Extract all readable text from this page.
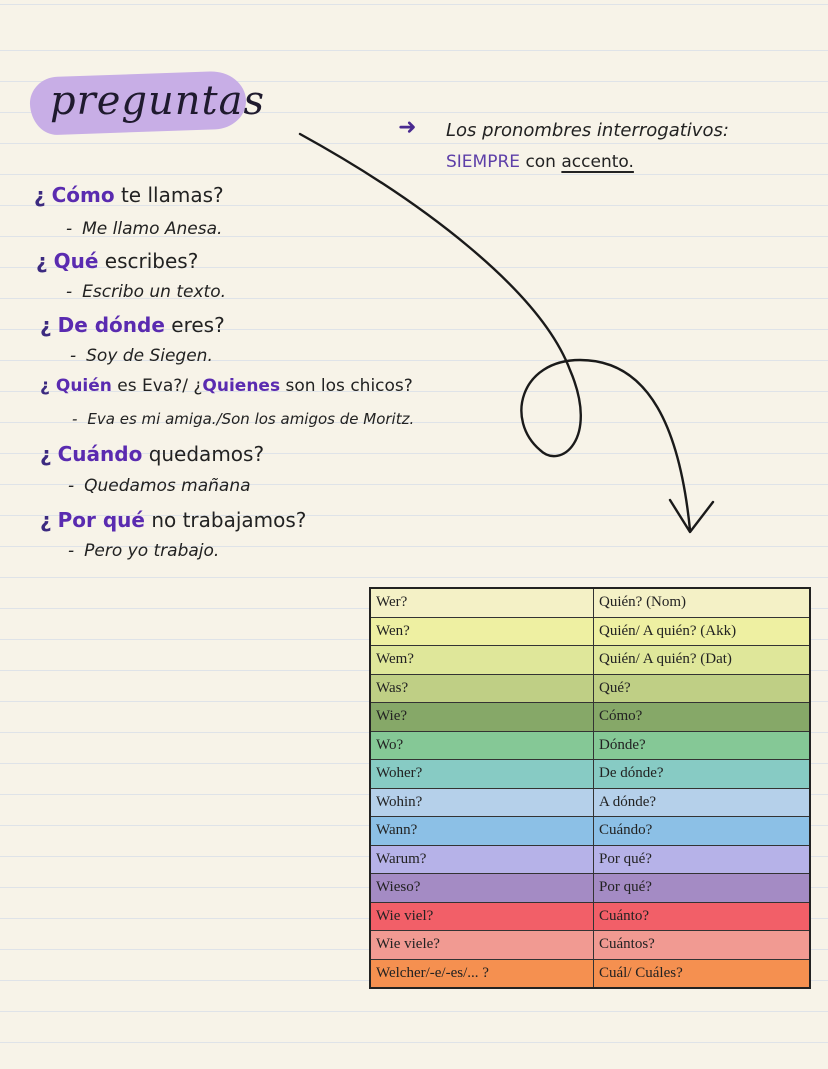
preguntas
➜ Los pronombres interrogativos:
SIEMPRE con accento.
¿ Cómo te llamas?
- Me llamo Anesa.
¿ Qué escribes?
- Escribo un texto.
¿ De dónde eres?
- Soy de Siegen.
¿ Quién es Eva?/ ¿Quienes son los chicos?
- Eva es mi amiga./Son los amigos de Moritz.
¿ Cuándo quedamos?
- Quedamos mañana
¿ Por qué no trabajamos?
- Pero yo trabajo.
Wer?	Quién? (Nom)
Wen?	Quién/ A quién? (Akk)
Wem?	Quién/ A quién? (Dat)
Was?	Qué?
Wie?	Cómo?
Wo?	Dónde?
Woher?	De dónde?
Wohin?	A dónde?
Wann?	Cuándo?
Warum?	Por qué?
Wieso?	Por qué?
Wie viel?	Cuánto?
Wie viele?	Cuántos?
Welcher/-e/-es/... ?	Cuál/ Cuáles?
